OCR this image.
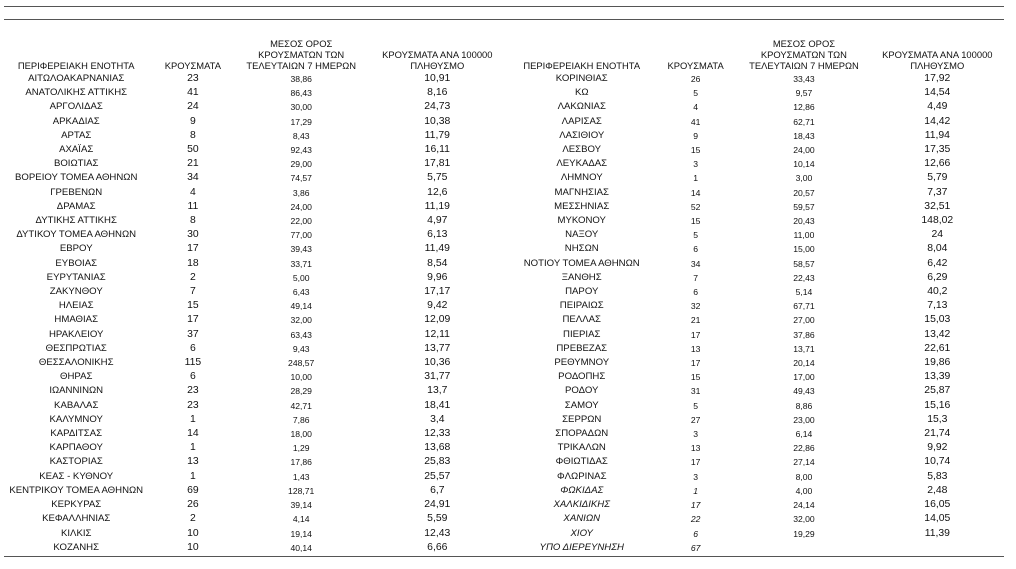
ΠΕΡΙΦΕΡΕΙΑΚΗ ΕΝΟΤΗΤΑ	ΚΡΟΥΣΜΑΤΑ	ΜΕΣΟΣ ΟΡΟΣ ΚΡΟΥΣΜΑΤΩΝ ΤΩΝ ΤΕΛΕΥΤΑΙΩΝ 7 ΗΜΕΡΩΝ	ΚΡΟΥΣΜΑΤΑ ΑΝΑ 100000 ΠΛΗΘΥΣΜΟ	ΠΕΡΙΦΕΡΕΙΑΚΗ ΕΝΟΤΗΤΑ	ΚΡΟΥΣΜΑΤΑ	ΜΕΣΟΣ ΟΡΟΣ ΚΡΟΥΣΜΑΤΩΝ ΤΩΝ ΤΕΛΕΥΤΑΙΩΝ 7 ΗΜΕΡΩΝ	ΚΡΟΥΣΜΑΤΑ ΑΝΑ 100000 ΠΛΗΘΥΣΜΟ
ΑΙΤΩΛΟΑΚΑΡΝΑΝΙΑΣ	23	38,86	10,91	ΚΟΡΙΝΘΙΑΣ	26	33,43	17,92
ΑΝΑΤΟΛΙΚΗΣ ΑΤΤΙΚΗΣ	41	86,43	8,16	ΚΩ	5	9,57	14,54
ΑΡΓΟΛΙΔΑΣ	24	30,00	24,73	ΛΑΚΩΝΙΑΣ	4	12,86	4,49
ΑΡΚΑΔΙΑΣ	9	17,29	10,38	ΛΑΡΙΣΑΣ	41	62,71	14,42
ΑΡΤΑΣ	8	8,43	11,79	ΛΑΣΙΘΙΟΥ	9	18,43	11,94
ΑΧΑΪΑΣ	50	92,43	16,11	ΛΕΣΒΟΥ	15	24,00	17,35
ΒΟΙΩΤΙΑΣ	21	29,00	17,81	ΛΕΥΚΑΔΑΣ	3	10,14	12,66
ΒΟΡΕΙΟΥ ΤΟΜΕΑ ΑΘΗΝΩΝ	34	74,57	5,75	ΛΗΜΝΟΥ	1	3,00	5,79
ΓΡΕΒΕΝΩΝ	4	3,86	12,6	ΜΑΓΝΗΣΙΑΣ	14	20,57	7,37
ΔΡΑΜΑΣ	11	24,00	11,19	ΜΕΣΣΗΝΙΑΣ	52	59,57	32,51
ΔΥΤΙΚΗΣ ΑΤΤΙΚΗΣ	8	22,00	4,97	ΜΥΚΟΝΟΥ	15	20,43	148,02
ΔΥΤΙΚΟΥ ΤΟΜΕΑ ΑΘΗΝΩΝ	30	77,00	6,13	ΝΑΞΟΥ	5	11,00	24
ΕΒΡΟΥ	17	39,43	11,49	ΝΗΣΩΝ	6	15,00	8,04
ΕΥΒΟΙΑΣ	18	33,71	8,54	ΝΟΤΙΟΥ ΤΟΜΕΑ ΑΘΗΝΩΝ	34	58,57	6,42
ΕΥΡΥΤΑΝΙΑΣ	2	5,00	9,96	ΞΑΝΘΗΣ	7	22,43	6,29
ΖΑΚΥΝΘΟΥ	7	6,43	17,17	ΠΑΡΟΥ	6	5,14	40,2
ΗΛΕΙΑΣ	15	49,14	9,42	ΠΕΙΡΑΙΩΣ	32	67,71	7,13
ΗΜΑΘΙΑΣ	17	32,00	12,09	ΠΕΛΛΑΣ	21	27,00	15,03
ΗΡΑΚΛΕΙΟΥ	37	63,43	12,11	ΠΙΕΡΙΑΣ	17	37,86	13,42
ΘΕΣΠΡΩΤΙΑΣ	6	9,43	13,77	ΠΡΕΒΕΖΑΣ	13	13,71	22,61
ΘΕΣΣΑΛΟΝΙΚΗΣ	115	248,57	10,36	ΡΕΘΥΜΝΟΥ	17	20,14	19,86
ΘΗΡΑΣ	6	10,00	31,77	ΡΟΔΟΠΗΣ	15	17,00	13,39
ΙΩΑΝΝΙΝΩΝ	23	28,29	13,7	ΡΟΔΟΥ	31	49,43	25,87
ΚΑΒΑΛΑΣ	23	42,71	18,41	ΣΑΜΟΥ	5	8,86	15,16
ΚΑΛΥΜΝΟΥ	1	7,86	3,4	ΣΕΡΡΩΝ	27	23,00	15,3
ΚΑΡΔΙΤΣΑΣ	14	18,00	12,33	ΣΠΟΡΑΔΩΝ	3	6,14	21,74
ΚΑΡΠΑΘΟΥ	1	1,29	13,68	ΤΡΙΚΑΛΩΝ	13	22,86	9,92
ΚΑΣΤΟΡΙΑΣ	13	17,86	25,83	ΦΘΙΩΤΙΔΑΣ	17	27,14	10,74
ΚΕΑΣ - ΚΥΘΝΟΥ	1	1,43	25,57	ΦΛΩΡΙΝΑΣ	3	8,00	5,83
ΚΕΝΤΡΙΚΟΥ ΤΟΜΕΑ ΑΘΗΝΩΝ	69	128,71	6,7	ΦΩΚΙΔΑΣ	1	4,00	2,48
ΚΕΡΚΥΡΑΣ	26	39,14	24,91	ΧΑΛΚΙΔΙΚΗΣ	17	24,14	16,05
ΚΕΦΑΛΛΗΝΙΑΣ	2	4,14	5,59	ΧΑΝΙΩΝ	22	32,00	14,05
ΚΙΛΚΙΣ	10	19,14	12,43	ΧΙΟΥ	6	19,29	11,39
ΚΟΖΑΝΗΣ	10	40,14	6,66	ΥΠΟ ΔΙΕΡΕΥΝΗΣΗ	67		
